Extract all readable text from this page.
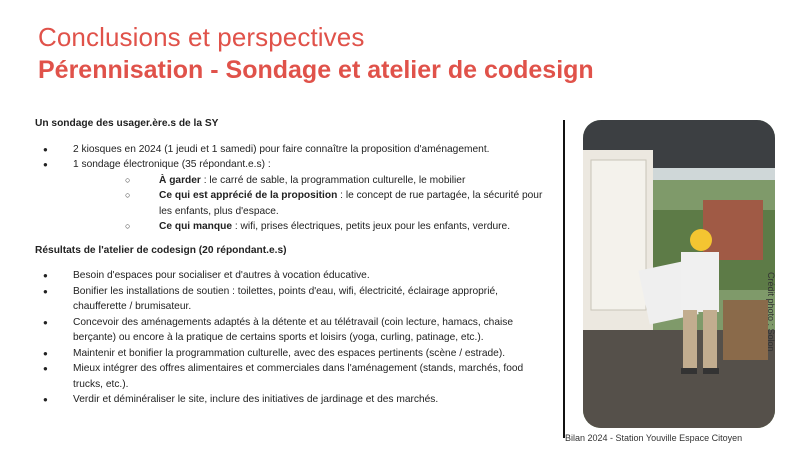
Conclusions et perspectives
Pérennisation - Sondage et atelier de codesign

Un sondage des usager.ère.s de la SY

● 2 kiosques en 2024 (1 jeudi et 1 samedi) pour faire connaître la proposition d'aménagement.
● 1 sondage électronique (35 répondant.e.s) :
○ À garder : le carré de sable, la programmation culturelle, le mobilier
○ Ce qui est apprécié de la proposition : le concept de rue partagée, la sécurité pour les enfants, plus d'espace.
○ Ce qui manque : wifi, prises électriques, petits jeux pour les enfants, verdure.

Résultats de l'atelier de codesign (20 répondant.e.s)

● Besoin d'espaces pour socialiser et d'autres à vocation éducative.
● Bonifier les installations de soutien : toilettes, points d'eau, wifi, électricité, éclairage approprié, chaufferette / brumisateur.
● Concevoir des aménagements adaptés à la détente et au télétravail (coin lecture, hamacs, chaise berçante) ou encore à la pratique de certains sports et loisirs (yoga, curling, patinage, etc.).
● Maintenir et bonifier la programmation culturelle, avec des espaces pertinents (scène / estrade).
● Mieux intégrer des offres alimentaires et commerciales dans l'aménagement (stands, marchés, food trucks, etc.).
● Verdir et déminéraliser le site, inclure des initiatives de jardinage et des marchés.
Crédit photo : Solon
Bilan 2024 - Station Youville Espace Citoyen
